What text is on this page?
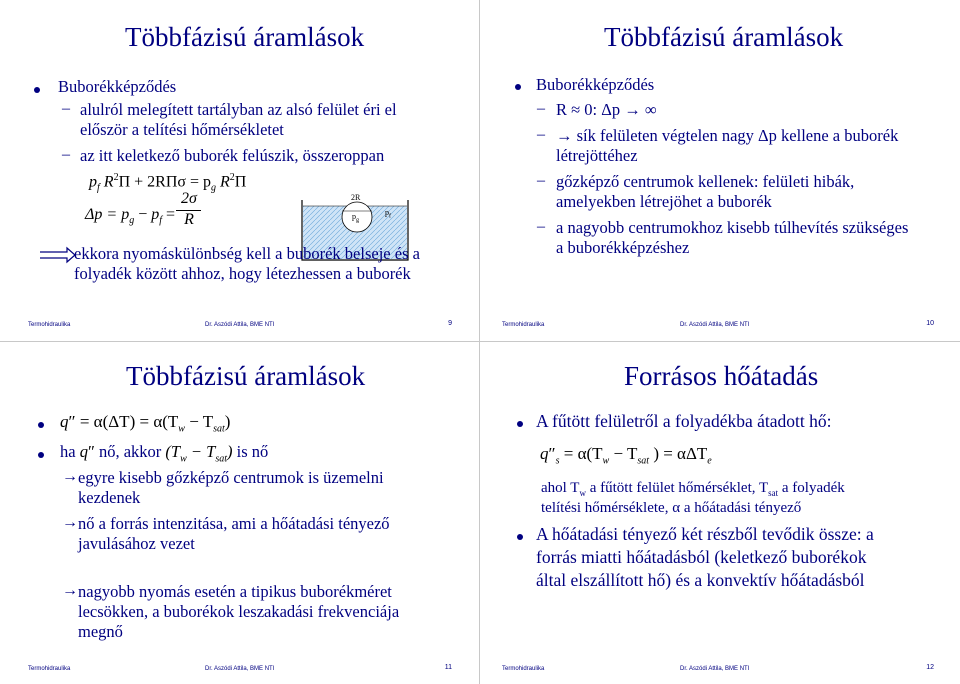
Többfázisú áramlások
Buborékképződés
– alulról melegített tartályban az alsó felület éri el
először a telítési hőmérsékletet
– az itt keletkező buborék felúszik, összeroppan
$p_f$ $R^2\Pi + 2R\Pi\sigma = p_g$ $R^2\Pi$
$\Delta p = p_g - p_f$ =
2σ
R
2R
$p_g$
$p_f$
ekkora nyomáskülönbség kell a buborék belseje és a
folyadék között ahhoz, hogy létezhessen a buborék
Termohidraulika	Dr. Aszódi Attila, BME NTI	9
Többfázisú áramlások
Buborékképződés
– R ≈ 0: Δp → ∞
– → sík felületen végtelen nagy Δp kellene a buborék
létrejöttéhez
– gőzképző centrumok kellenek: felületi hibák,
amelyekben létrejöhet a buborék
– a nagyobb centrumokhoz kisebb túlhevítés szükséges
a buborékképzéshez
Termohidraulika	Dr. Aszódi Attila, BME NTI	10
Többfázisú áramlások
$q'' = \alpha(\Delta T) = \alpha(T_w - T_{sat})$
ha q″ nő, akkor $(T_w - T_{sat})$ is nő
→ egyre kisebb gőzképző centrumok is üzemelni
kezdenek
→ nő a forrás intenzitása, ami a hőátadási tényező
javulásához vezet
→ nagyobb nyomás esetén a tipikus buborékméret
lecsökken, a buborékok leszakadási frekvenciája
megnő
Termohidraulika	Dr. Aszódi Attila, BME NTI	11
Forrásos hőátadás
A fűtött felületről a folyadékba átadott hő:
$q''_s = \alpha(T_w - T_{sat}$ ) = αΔT$_e$
ahol $T_w$ a fűtött felület hőmérséklet, $T_{sat}$ a folyadék
telítési hőmérséklete, α a hőátadási tényező
A hőátadási tényező két részből tevődik össze: a
forrás miatti hőátadásból (keletkező buborékok
által elszállított hő) és a konvektív hőátadásból
Termohidraulika	Dr. Aszódi Attila, BME NTI	12
